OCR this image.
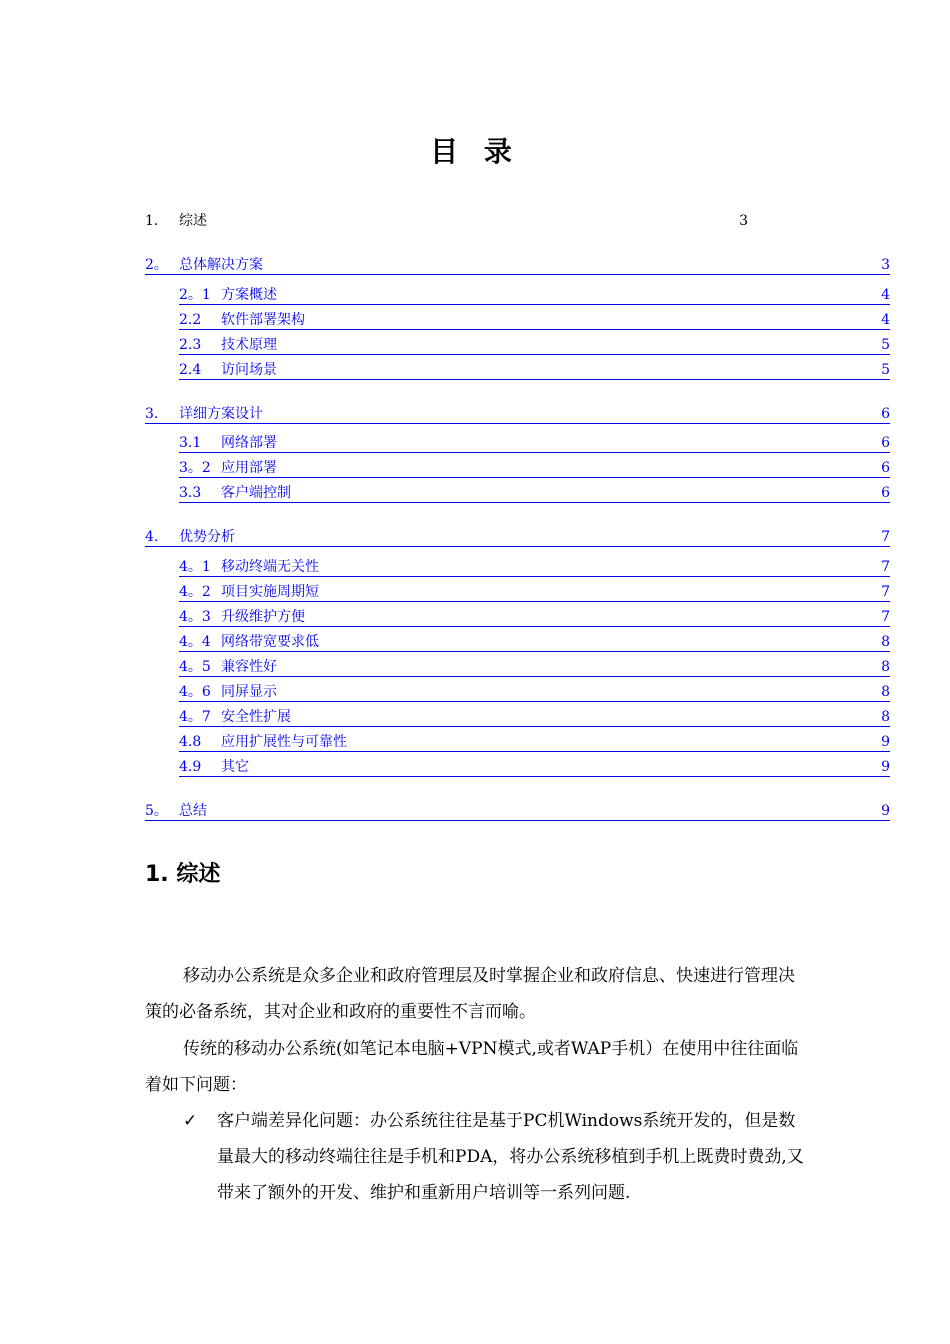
目 录
1. 综述	3
2。 总体解决方案	3
2。1 方案概述	4
2.2 软件部署架构	4
2.3 技术原理	5
2.4 访问场景	5
3. 详细方案设计	6
3.1 网络部署	6
3。2 应用部署	6
3.3 客户端控制	6
4. 优势分析	7
4。1 移动终端无关性	7
4。2 项目实施周期短	7
4。3 升级维护方便	7
4。4 网络带宽要求低	8
4。5 兼容性好	8
4。6 同屏显示	8
4。7 安全性扩展	8
4.8 应用扩展性与可靠性	9
4.9 其它	9
5。 总结	9
1. 综述

移动办公系统是众多企业和政府管理层及时掌握企业和政府信息、快速进行管理决策的必备系统，其对企业和政府的重要性不言而喻。

传统的移动办公系统(如笔记本电脑+VPN模式,或者WAP手机）在使用中往往面临着如下问题：

✓ 客户端差异化问题：办公系统往往是基于PC机Windows系统开发的，但是数量最大的移动终端往往是手机和PDA，将办公系统移植到手机上既费时费劲,又带来了额外的开发、维护和重新用户培训等一系列问题.
